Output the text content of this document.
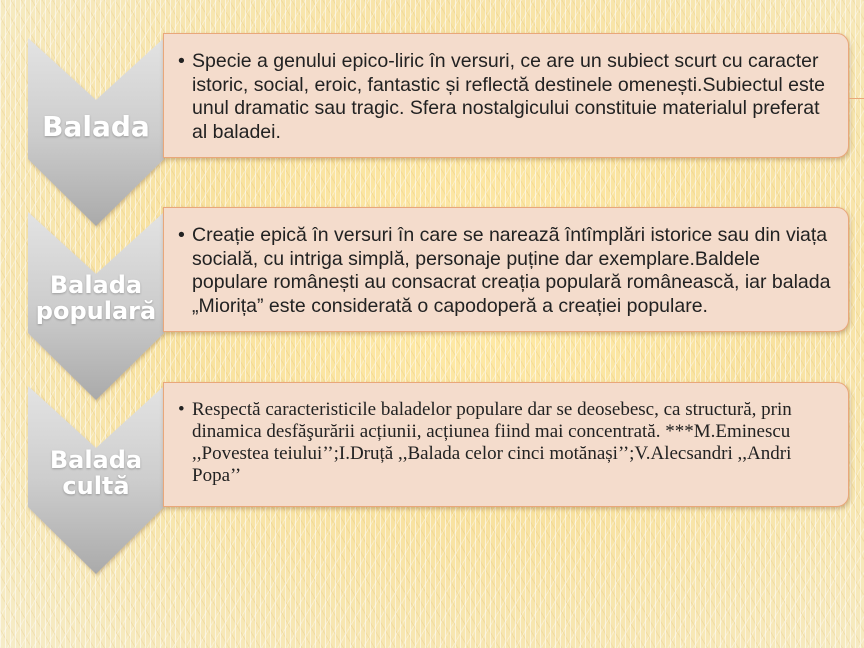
Balada
Balada populară
Balada cultă
• Specie a genului epico-liric în versuri, ce are un subiect scurt cu caracter istoric, social, eroic, fantastic și reflectă destinele omenești.Subiectul este unul dramatic sau tragic. Sfera nostalgicului constituie materialul preferat al baladei.
• Creație epică în versuri în care se nareazã întîmplări istorice sau din viața socială, cu intriga simplă, personaje puține dar exemplare.Baldele populare românești au consacrat creația populară românească, iar balada „Miorița” este considerată o capodoperă a creației populare.
• Respectă caracteristicile baladelor populare dar se deosebesc, ca structură, prin dinamica desfăşurării acțiunii, acțiunea fiind mai concentrată. ***M.Eminescu ,,Povestea teiului’’;I.Druță ,,Balada celor cinci motănași’’;V.Alecsandri ,,Andri Popa’’
